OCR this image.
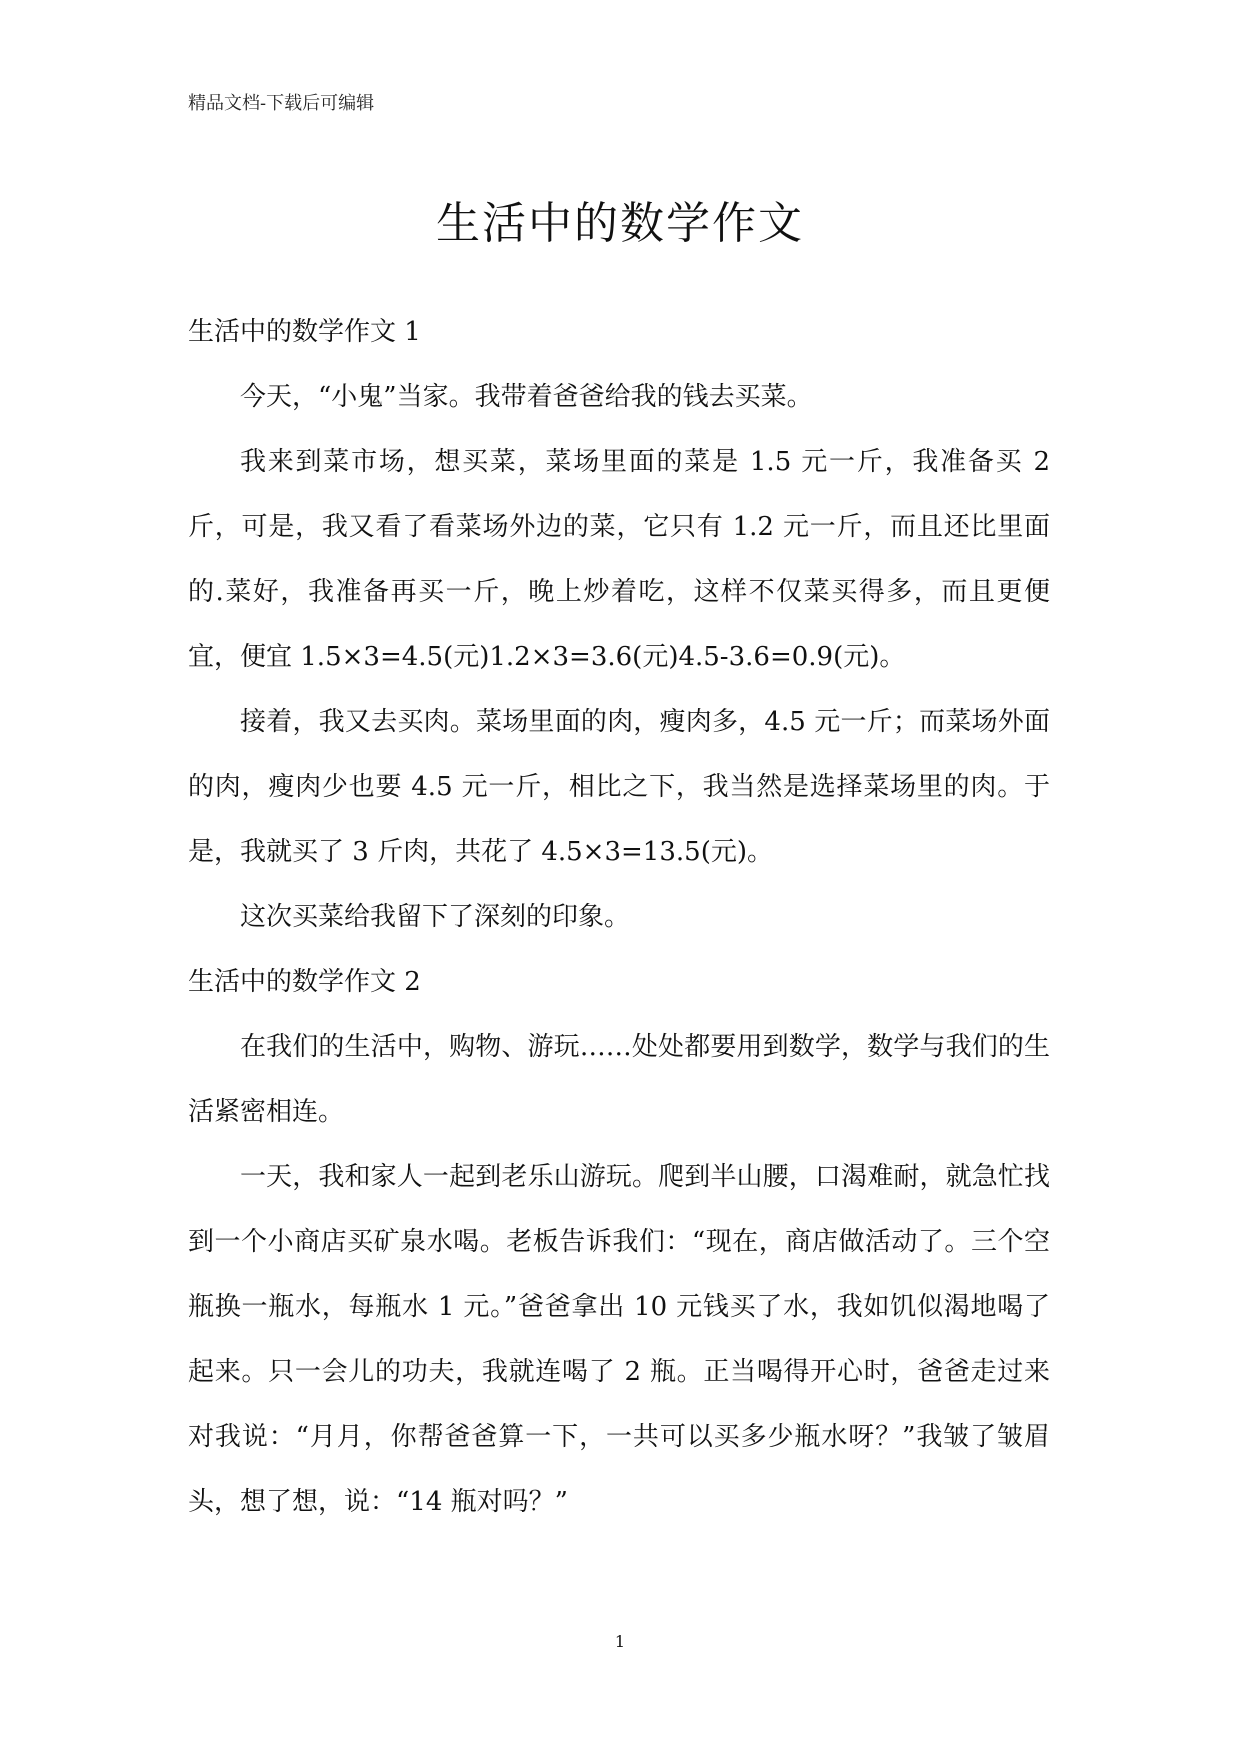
精品文档-下载后可编辑
生活中的数学作文
生活中的数学作文 1

今天，“小鬼”当家。我带着爸爸给我的钱去买菜。

我来到菜市场，想买菜，菜场里面的菜是 1.5 元一斤，我准备买 2 斤，可是，我又看了看菜场外边的菜，它只有 1.2 元一斤，而且还比里面的.菜好，我准备再买一斤，晚上炒着吃，这样不仅菜买得多，而且更便宜，便宜 1.5×3=4.5(元)1.2×3=3.6(元)4.5-3.6=0.9(元)。

接着，我又去买肉。菜场里面的肉，瘦肉多，4.5 元一斤；而菜场外面的肉，瘦肉少也要 4.5 元一斤，相比之下，我当然是选择菜场里的肉。于是，我就买了 3 斤肉，共花了 4.5×3=13.5(元)。

这次买菜给我留下了深刻的印象。

生活中的数学作文 2

在我们的生活中，购物、游玩……处处都要用到数学，数学与我们的生活紧密相连。

一天，我和家人一起到老乐山游玩。爬到半山腰，口渴难耐，就急忙找到一个小商店买矿泉水喝。老板告诉我们：“现在，商店做活动了。三个空瓶换一瓶水，每瓶水 1 元。”爸爸拿出 10 元钱买了水，我如饥似渴地喝了起来。只一会儿的功夫，我就连喝了 2 瓶。正当喝得开心时，爸爸走过来对我说：“月月，你帮爸爸算一下，一共可以买多少瓶水呀？”我皱了皱眉头，想了想，说：“14 瓶对吗？”

1
